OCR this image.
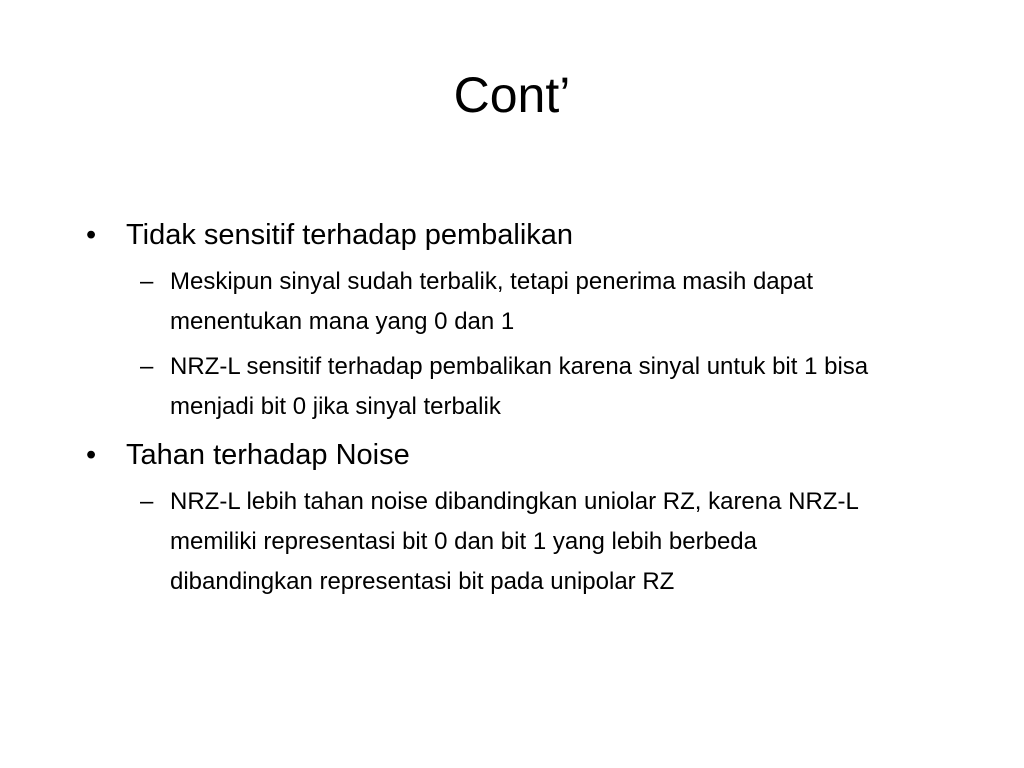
Cont’

•	Tidak sensitif terhadap pembalikan

– Meskipun sinyal sudah terbalik, tetapi penerima masih dapat menentukan mana yang 0 dan 1
– NRZ-L sensitif terhadap pembalikan karena sinyal untuk bit 1 bisa menjadi bit 0 jika sinyal terbalik

•	Tahan terhadap Noise

– NRZ-L lebih tahan noise dibandingkan uniolar RZ, karena NRZ-L memiliki representasi bit 0 dan bit 1 yang lebih berbeda dibandingkan representasi bit pada unipolar RZ
